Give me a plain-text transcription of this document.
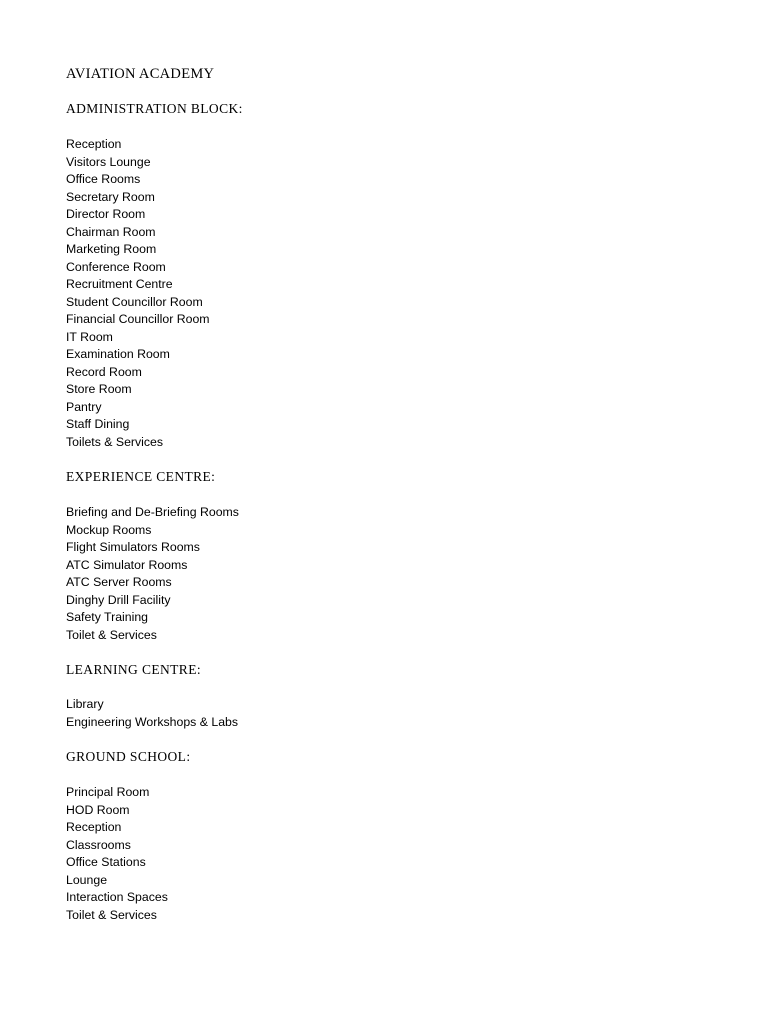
AVIATION ACADEMY
ADMINISTRATION BLOCK:
Reception
Visitors Lounge
Office Rooms
Secretary Room
Director Room
Chairman Room
Marketing Room
Conference Room
Recruitment Centre
Student Councillor Room
Financial Councillor Room
IT Room
Examination Room
Record Room
Store Room
Pantry
Staff Dining
Toilets & Services
EXPERIENCE CENTRE:
Briefing and De-Briefing Rooms
Mockup Rooms
Flight Simulators Rooms
ATC Simulator Rooms
ATC Server Rooms
Dinghy Drill Facility
Safety Training
Toilet & Services
LEARNING CENTRE:
Library
Engineering Workshops & Labs
GROUND SCHOOL:
Principal Room
HOD Room
Reception
Classrooms
Office Stations
Lounge
Interaction Spaces
Toilet & Services
